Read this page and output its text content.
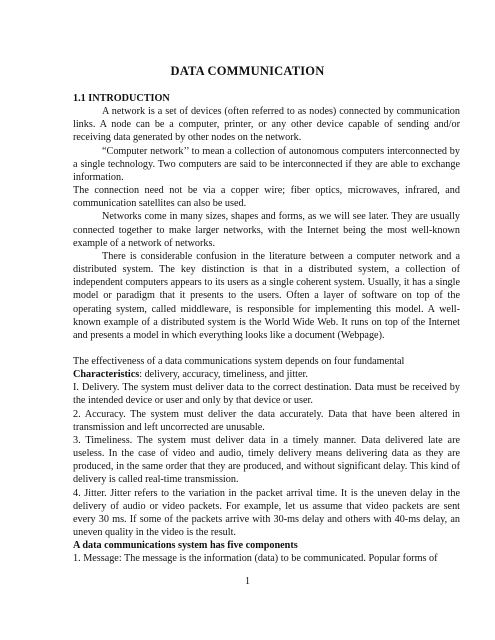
DATA COMMUNICATION

1.1 INTRODUCTION

A network is a set of devices (often referred to as nodes) connected by communication links. A node can be a computer, printer, or any other device capable of sending and/or receiving data generated by other nodes on the network.

“Computer network’’ to mean a collection of autonomous computers interconnected by a single technology. Two computers are said to be interconnected if they are able to exchange information.

The connection need not be via a copper wire; fiber optics, microwaves, infrared, and communication satellites can also be used.

Networks come in many sizes, shapes and forms, as we will see later. They are usually connected together to make larger networks, with the Internet being the most well-known example of a network of networks.

There is considerable confusion in the literature between a computer network and a distributed system. The key distinction is that in a distributed system, a collection of independent computers appears to its users as a single coherent system. Usually, it has a single model or paradigm that it presents to the users. Often a layer of software on top of the operating system, called middleware, is responsible for implementing this model. A well-known example of a distributed system is the World Wide Web. It runs on top of the Internet and presents a model in which everything looks like a document (Webpage).

The effectiveness of a data communications system depends on four fundamental

Characteristics: delivery, accuracy, timeliness, and jitter.

I. Delivery. The system must deliver data to the correct destination. Data must be received by the intended device or user and only by that device or user.

2. Accuracy. The system must deliver the data accurately. Data that have been altered in transmission and left uncorrected are unusable.

3. Timeliness. The system must deliver data in a timely manner. Data delivered late are useless. In the case of video and audio, timely delivery means delivering data as they are produced, in the same order that they are produced, and without significant delay. This kind of delivery is called real-time transmission.

4. Jitter. Jitter refers to the variation in the packet arrival time. It is the uneven delay in the delivery of audio or video packets. For example, let us assume that video packets are sent every 30 ms. If some of the packets arrive with 30-ms delay and others with 40-ms delay, an uneven quality in the video is the result.

A data communications system has five components

1. Message: The message is the information (data) to be communicated. Popular forms of

1
